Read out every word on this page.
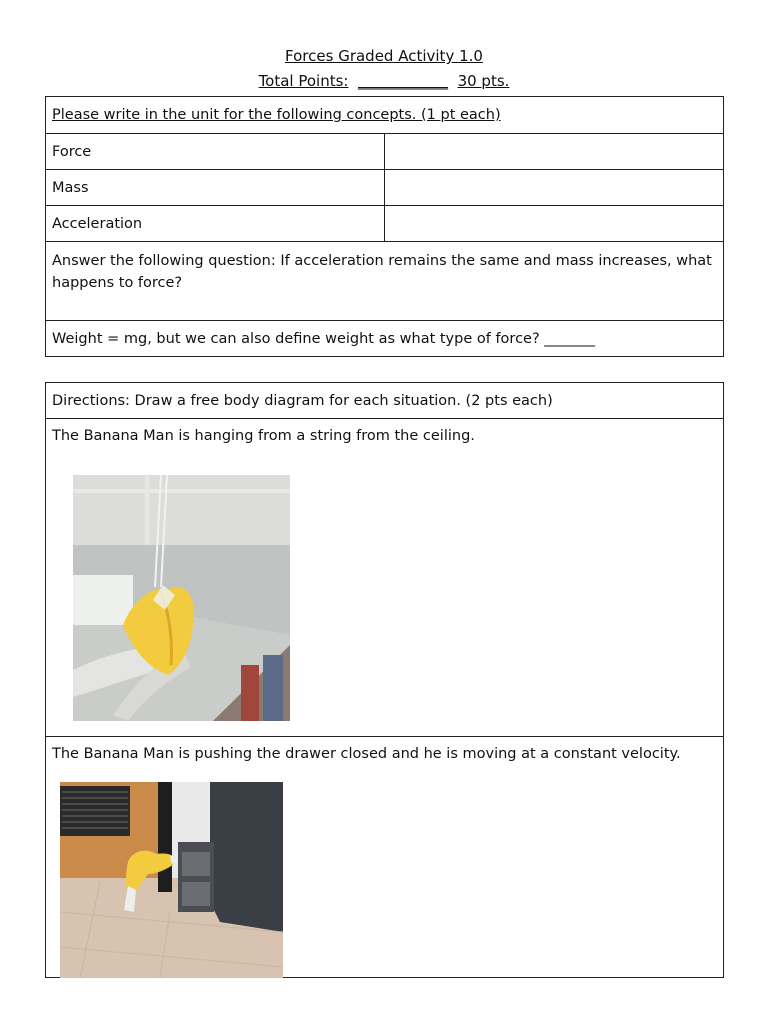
Forces Graded Activity 1.0
Total Points: ____________ 30 pts.
Please write in the unit for the following concepts. (1 pt each)	
Force	
Mass	
Acceleration	
Answer the following question: If acceleration remains the same and mass increases, what happens to force?	
Weight = mg, but we can also define weight as what type of force? _______	
Directions: Draw a free body diagram for each situation. (2 pts each)

The Banana Man is hanging from a string from the ceiling.

The Banana Man is pushing the drawer closed and he is moving at a constant velocity.
